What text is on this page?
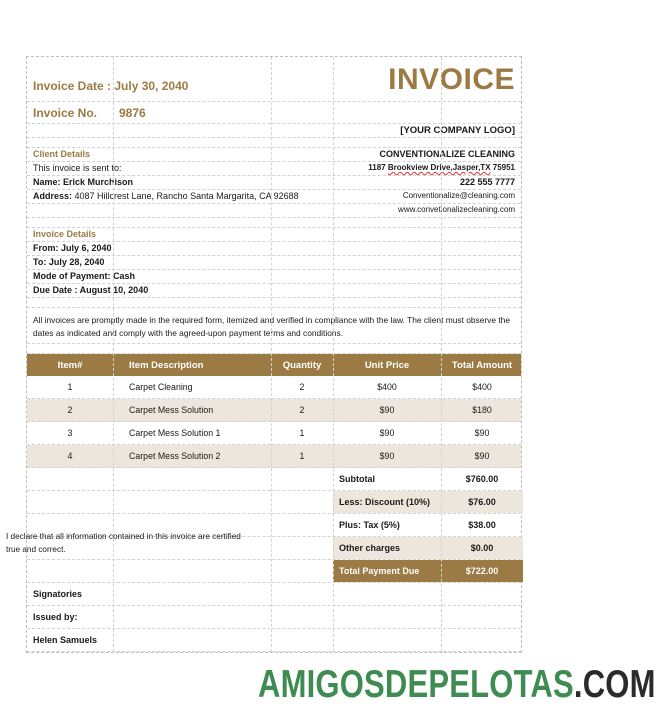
Invoice Date : July 30, 2040	INVOICE
Invoice No. 9876
[YOUR COMPANY LOGO]
Client Details	CONVENTIONALIZE CLEANING
This invoice is sent to:	1187 Brookview Drive,Jasper,TX 75951
Name: Erick Murchison	222 555 7777
Address: 4087 Hillcrest Lane, Rancho Santa Margarita, CA 92688	Conventionalize@cleaning.com
www.convetionalizecleaning.com
Invoice Details
From: July 6, 2040
To: July 28, 2040
Mode of Payment: Cash
Due Date : August 10, 2040
All invoices are promptly made in the required form, itemized and verified in compliance with the law. The client must observe the dates as indicated and comply with the agreed-upon payment terms and conditions.
Item#	Item Description	Quantity	Unit Price	Total Amount
1	Carpet Cleaning	2	$400	$400
2	Carpet Mess Solution	2	$90	$180
3	Carpet Mess Solution 1	1	$90	$90
4	Carpet Mess Solution 2	1	$90	$90
Subtotal	$760.00
Less: Discount (10%)	$76.00
Plus: Tax (5%)	$38.00
Other charges	$0.00
Total Payment Due	$722.00
Signatories
Issued by:
Helen Samuels
I declare that all information contained in this invoice are certified true and correct.
AMIGOSDEPELOTAS.COM
